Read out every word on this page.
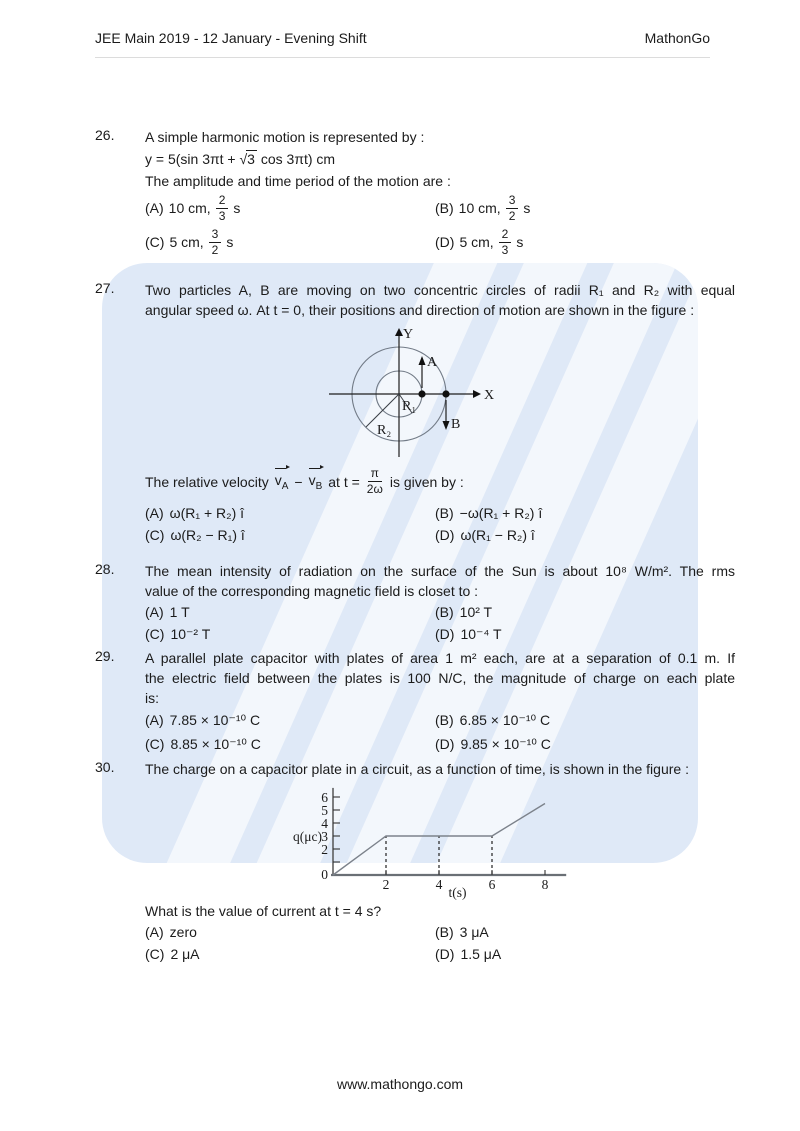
JEE Main 2019 - 12 January - Evening Shift	MathonGo
26.	A simple harmonic motion is represented by :
y = 5(sin 3πt + √3 cos 3πt) cm
The amplitude and time period of the motion are :
(A) 10 cm, $\frac{2}{3}$ s	(B) 10 cm, $\frac{3}{2}$ s
(C) 5 cm, $\frac{3}{2}$ s	(D) 5 cm, $\frac{2}{3}$ s
27.	Two particles A, B are moving on two concentric circles of radii R₁ and R₂ with equal
angular speed ω. At t = 0, their positions and direction of motion are shown in the figure :
X
Y
R₁
R₂
A
B
The relative velocity $v_A - v_B$ at $t = \frac{\pi}{2\omega}$ is given by :
(A) ω(R₁ + R₂) î	(B) −ω(R₁ + R₂) î
(C) ω(R₂ − R₁) î	(D) ω(R₁ − R₂) î
28.	The mean intensity of radiation on the surface of the Sun is about 10⁸ W/m². The rms
value of the corresponding magnetic field is closet to :
(A) 1 T	(B) 10² T
(C) 10⁻² T	(D) 10⁻⁴ T
29.	A parallel plate capacitor with plates of area 1 m² each, are at a separation of 0.1 m. If
the electric field between the plates is 100 N/C, the magnitude of charge on each plate
is:
(A) 7.85 × 10⁻¹⁰ C	(B) 6.85 × 10⁻¹⁰ C
(C) 8.85 × 10⁻¹⁰ C	(D) 9.85 × 10⁻¹⁰ C
30.	The charge on a capacitor plate in a circuit, as a function of time, is shown in the figure :
2
3
4
5
6
0
2	4	6	8
q(μc)
t(s)
What is the value of current at t = 4 s?
(A) zero	(B) 3 μA
(C) 2 μA	(D) 1.5 μA
www.mathongo.com
